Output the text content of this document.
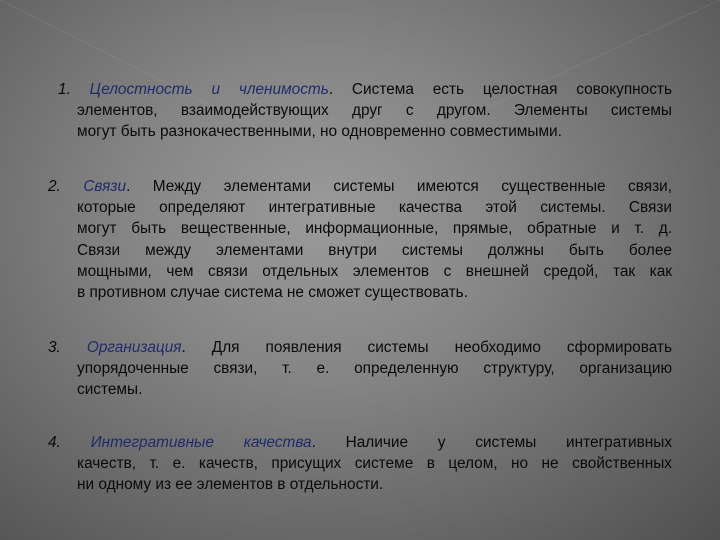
1. Целостность и членимость. Система есть целостная совокупность
элементов, взаимодействующих друг с другом. Элементы системы
могут быть разнокачественными, но одновременно совместимыми.
2. Связи. Между элементами системы имеются существенные связи,
которые определяют интегративные качества этой системы. Связи
могут быть вещественные, информационные, прямые, обратные и т. д.
Связи между элементами внутри системы должны быть более
мощными, чем связи отдельных элементов с внешней средой, так как
в противном случае система не сможет существовать.
3. Организация. Для появления системы необходимо сформировать
упорядоченные связи, т. е. определенную структуру, организацию
системы.
4. Интегративные качества. Наличие у системы интегративных
качеств, т. е. качеств, присущих системе в целом, но не свойственных
ни одному из ее элементов в отдельности.
